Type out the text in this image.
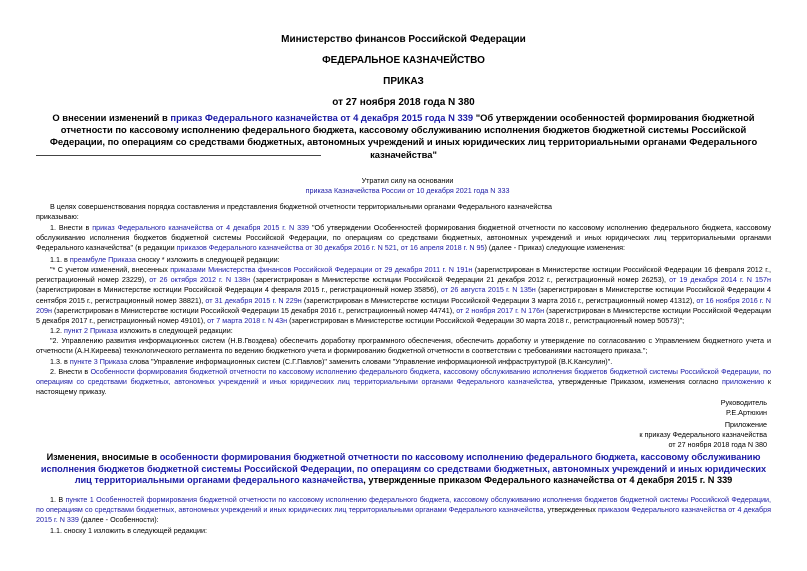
Министерство финансов Российской Федерации
ФЕДЕРАЛЬНОЕ КАЗНАЧЕЙСТВО
ПРИКАЗ
от 27 ноября 2018 года N 380
О внесении изменений в приказ Федерального казначейства от 4 декабря 2015 года N 339 "Об утверждении особенностей формирования бюджетной отчетности по кассовому исполнению федерального бюджета, кассовому обслуживанию исполнения бюджетов бюджетной системы Российской Федерации, по операциям со средствами бюджетных, автономных учреждений и иных юридических лиц территориальными органами Федерального казначейства"
Утратил силу на основании
приказа Казначейства России от 10 декабря 2021 года N 333
В целях совершенствования порядка составления и представления бюджетной отчетности территориальными органами Федерального казначейства
приказываю:
1. Внести в приказ Федерального казначейства от 4 декабря 2015 г. N 339 "Об утверждении Особенностей формирования бюджетной отчетности по кассовому исполнению федерального бюджета, кассовому обслуживанию исполнения бюджетов бюджетной системы Российской Федерации, по операциям со средствами бюджетных, автономных учреждений и иных юридических лиц территориальными органами Федерального казначейства" (в редакции приказов Федерального казначейства от 30 декабря 2016 г. N 521, от 16 апреля 2018 г. N 95) (далее - Приказ) следующие изменения:
1.1. в преамбуле Приказа сноску * изложить в следующей редакции:
"* С учетом изменений, внесенных приказами Министерства финансов Российской Федерации от 29 декабря 2011 г. N 191н (зарегистрирован в Министерстве юстиции Российской Федерации 16 февраля 2012 г., регистрационный номер 23229), от 26 октября 2012 г. N 138н (зарегистрирован в Министерстве юстиции Российской Федерации 21 декабря 2012 г., регистрационный номер 26253), от 19 декабря 2014 г. N 157н (зарегистрирован в Министерстве юстиции Российской Федерации 4 февраля 2015 г., регистрационный номер 35856), от 26 августа 2015 г. N 135н (зарегистрирован в Министерстве юстиции Российской Федерации 4 сентября 2015 г., регистрационный номер 38821), от 31 декабря 2015 г. N 229н (зарегистрирован в Министерстве юстиции Российской Федерации 3 марта 2016 г., регистрационный номер 41312), от 16 ноября 2016 г. N 209н (зарегистрирован в Министерстве юстиции Российской Федерации 15 декабря 2016 г., регистрационный номер 44741), от 2 ноября 2017 г. N 176н (зарегистрирован в Министерстве юстиции Российской Федерации 5 декабря 2017 г., регистрационный номер 49101), от 7 марта 2018 г. N 43н (зарегистрирован в Министерстве юстиции Российской Федерации 30 марта 2018 г., регистрационный номер 50573)";
1.2. пункт 2 Приказа изложить в следующей редакции:
"2. Управлению развития информационных систем (Н.В.Гвоздева) обеспечить доработку программного обеспечения, обеспечить доработку и утверждение по согласованию с Управлением бюджетного учета и отчетности (А.Н.Киреева) технологического регламента по ведению бюджетного учета и формированию бюджетной отчетности в соответствии с требованиями настоящего приказа.";
1.3. в пункте 3 Приказа слова "Управление информационных систем (С.Г.Павлов)" заменить словами "Управление информационной инфраструктурой (В.К.Кансулин)".
2. Внести в Особенности формирования бюджетной отчетности по кассовому исполнению федерального бюджета, кассовому обслуживанию исполнения бюджетов бюджетной системы Российской Федерации, по операциям со средствами бюджетных, автономных учреждений и иных юридических лиц территориальными органами Федерального казначейства, утвержденные Приказом, изменения согласно приложению к настоящему приказу.
Руководитель
Р.Е.Артюхин
Приложение
к приказу Федерального казначейства
от 27 ноября 2018 года N 380
Изменения, вносимые в особенности формирования бюджетной отчетности по кассовому исполнению федерального бюджета, кассовому обслуживанию исполнения бюджетов бюджетной системы Российской Федерации, по операциям со средствами бюджетных, автономных учреждений и иных юридических лиц территориальными органами федерального казначейства, утвержденные приказом Федерального казначейства от 4 декабря 2015 г. N 339
1. В пункте 1 Особенностей формирования бюджетной отчетности по кассовому исполнению федерального бюджета, кассовому обслуживанию исполнения бюджетов бюджетной системы Российской Федерации, по операциям со средствами бюджетных, автономных учреждений и иных юридических лиц территориальными органами Федерального казначейства, утвержденных приказом Федерального казначейства от 4 декабря 2015 г. N 339 (далее - Особенности):
1.1. сноску 1 изложить в следующей редакции:
